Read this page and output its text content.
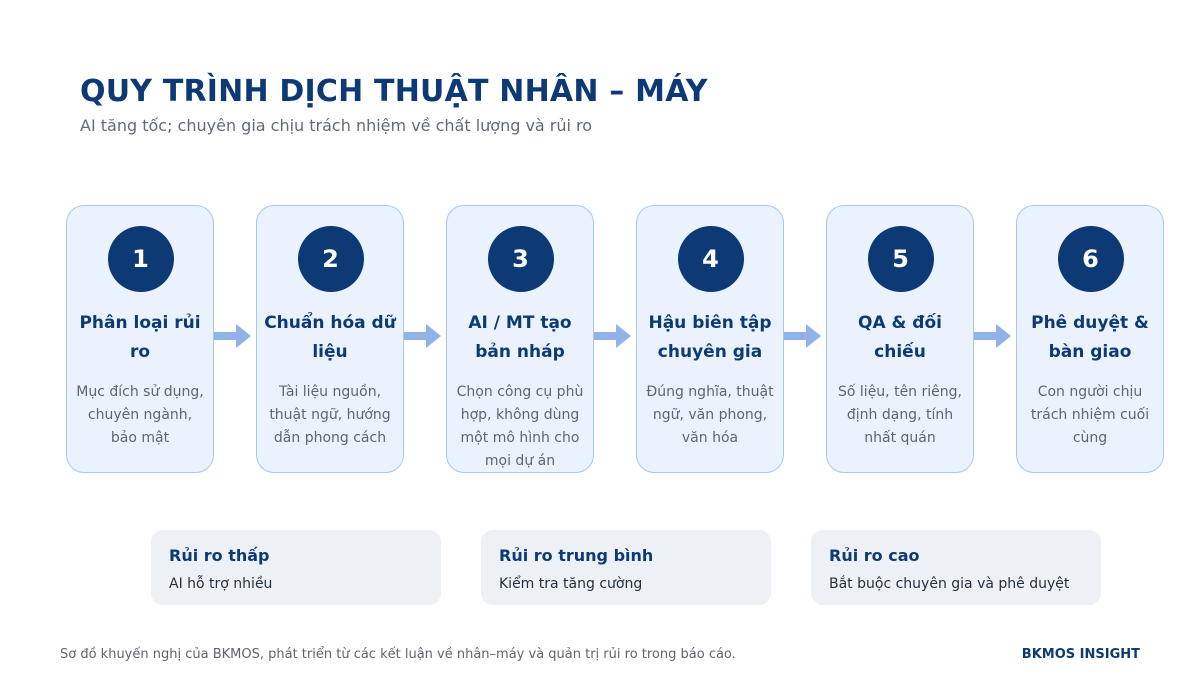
QUY TRÌNH DỊCH THUẬT NHÂN – MÁY
AI tăng tốc; chuyên gia chịu trách nhiệm về chất lượng và rủi ro
1
Phân loại rủi ro
Mục đích sử dụng, chuyên ngành, bảo mật
2
Chuẩn hóa dữ liệu
Tài liệu nguồn, thuật ngữ, hướng dẫn phong cách
3
AI / MT tạo bản nháp
Chọn công cụ phù hợp, không dùng một mô hình cho mọi dự án
4
Hậu biên tập chuyên gia
Đúng nghĩa, thuật ngữ, văn phong, văn hóa
5
QA & đối chiếu
Số liệu, tên riêng, định dạng, tính nhất quán
6
Phê duyệt & bàn giao
Con người chịu trách nhiệm cuối cùng
Rủi ro thấp
AI hỗ trợ nhiều
Rủi ro trung bình
Kiểm tra tăng cường
Rủi ro cao
Bắt buộc chuyên gia và phê duyệt
Sơ đồ khuyến nghị của BKMOS, phát triển từ các kết luận về nhân–máy và quản trị rủi ro trong báo cáo.	BKMOS INSIGHT
